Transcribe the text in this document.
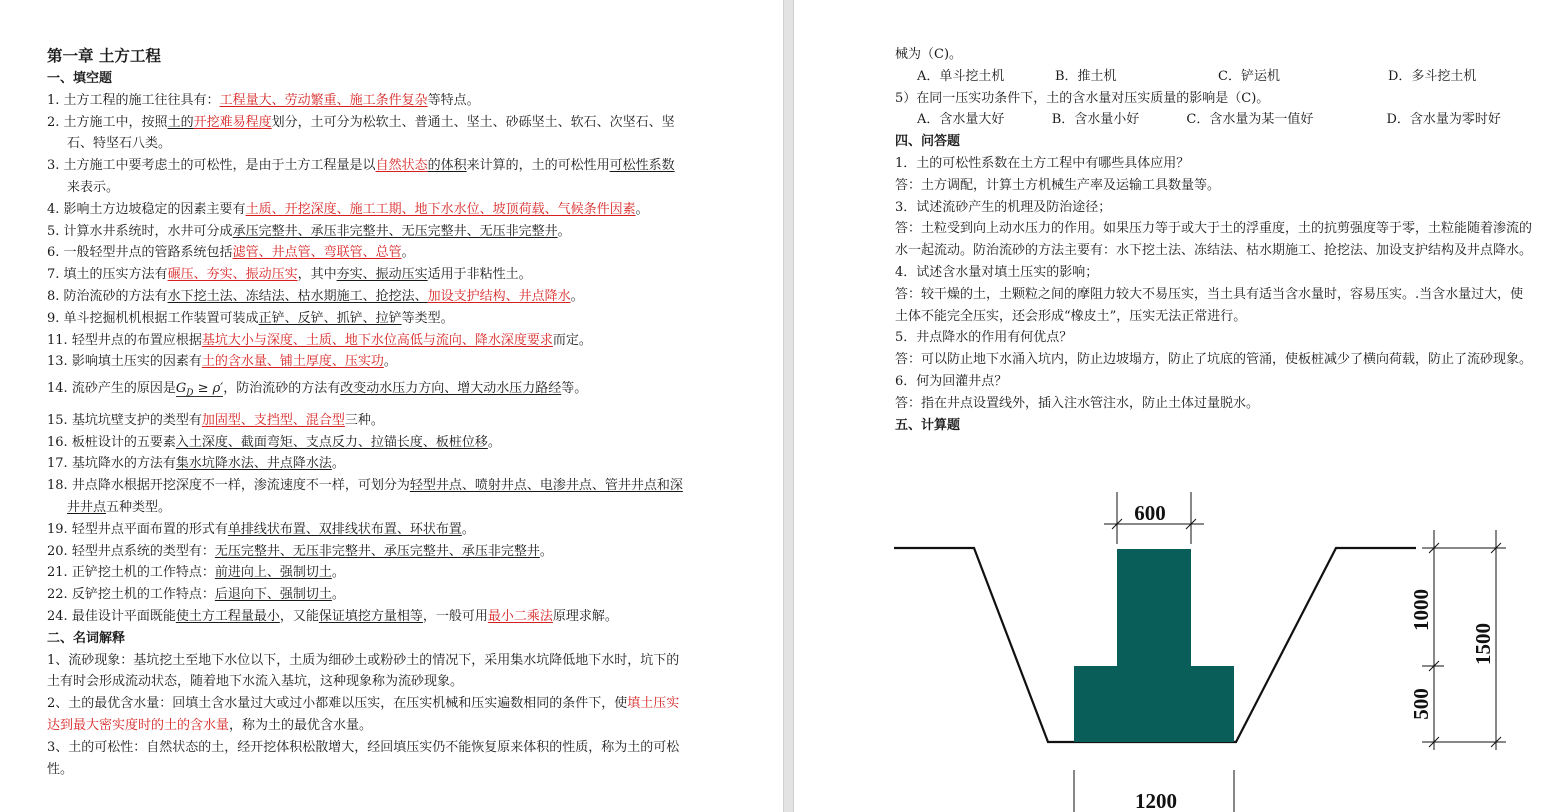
第一章 土方工程
一、填空题
1. 土方工程的施工往往具有：工程量大、劳动繁重、施工条件复杂等特点。
2. 土方施工中，按照土的开挖难易程度划分，土可分为松软土、普通土、坚土、砂砾坚土、软石、次坚石、坚石、特坚石八类。
3. 土方施工中要考虑土的可松性，是由于土方工程量是以自然状态的体积来计算的，土的可松性用可松性系数来表示。
4. 影响土方边坡稳定的因素主要有土质、开挖深度、施工工期、地下水水位、坡顶荷载、气候条件因素。
5. 计算水井系统时，水井可分成承压完整井、承压非完整井、无压完整井、无压非完整井。
6. 一般轻型井点的管路系统包括滤管、井点管、弯联管、总管。
7. 填土的压实方法有碾压、夯实、振动压实，其中夯实、振动压实适用于非粘性土。
8. 防治流砂的方法有水下挖土法、冻结法、枯水期施工、抢挖法、加设支护结构、井点降水。
9. 单斗挖掘机机根据工作装置可装成正铲、反铲、抓铲、拉铲等类型。
11. 轻型井点的布置应根据基坑大小与深度、土质、地下水位高低与流向、降水深度要求而定。
13. 影响填土压实的因素有土的含水量、铺土厚度、压实功。
14. 流砂产生的原因是$G_D \ge \rho'$，防治流砂的方法有改变动水压力方向、增大动水压力路经等。
15. 基坑坑壁支护的类型有加固型、支挡型、混合型三种。
16. 板桩设计的五要素入土深度、截面弯矩、支点反力、拉锚长度、板桩位移。
17. 基坑降水的方法有集水坑降水法、井点降水法。
18. 井点降水根据开挖深度不一样，渗流速度不一样，可划分为轻型井点、喷射井点、电渗井点、管井井点和深井井点五种类型。
19. 轻型井点平面布置的形式有单排线状布置、双排线状布置、环状布置。
20. 轻型井点系统的类型有：无压完整井、无压非完整井、承压完整井、承压非完整井。
21. 正铲挖土机的工作特点：前进向上、强制切土。
22. 反铲挖土机的工作特点：后退向下、强制切土。
24. 最佳设计平面既能使土方工程量最小，又能保证填挖方量相等，一般可用最小二乘法原理求解。
二、名词解释
1、流砂现象：基坑挖土至地下水位以下，土质为细砂土或粉砂土的情况下，采用集水坑降低地下水时，坑下的土有时会形成流动状态，随着地下水流入基坑，这种现象称为流砂现象。
2、土的最优含水量：回填土含水量过大或过小都难以压实，在压实机械和压实遍数相同的条件下，使填土压实达到最大密实度时的土的含水量，称为土的最优含水量。
3、土的可松性：自然状态的土，经开挖体积松散增大，经回填压实仍不能恢复原来体积的性质，称为土的可松性。
械为（C)。
A．单斗挖土机	B．推土机	C．铲运机	D．多斗挖土机
5）在同一压实功条件下，土的含水量对压实质量的影响是（C)。
A．含水量大好	B．含水量小好	C．含水量为某一值好	D．含水量为零时好
四、问答题
1．土的可松性系数在土方工程中有哪些具体应用？
答：土方调配，计算土方机械生产率及运输工具数量等。
3．试述流砂产生的机理及防治途径；
答：土粒受到向上动水压力的作用。如果压力等于或大于土的浮重度，土的抗剪强度等于零，土粒能随着渗流的水一起流动。防治流砂的方法主要有：水下挖土法、冻结法、枯水期施工、抢挖法、加设支护结构及井点降水。
4．试述含水量对填土压实的影响；
答：较干燥的土，土颗粒之间的摩阻力较大不易压实，当土具有适当含水量时，容易压实。.当含水量过大，使土体不能完全压实，还会形成“橡皮土”，压实无法正常进行。
5．井点降水的作用有何优点？
答：可以防止地下水涌入坑内，防止边坡塌方，防止了坑底的管涌，使板桩减少了横向荷载，防止了流砂现象。
6．何为回灌井点？
答：指在井点设置线外，插入注水管注水，防止土体过量脱水。
五、计算题
600
1200
1000
500
1500
